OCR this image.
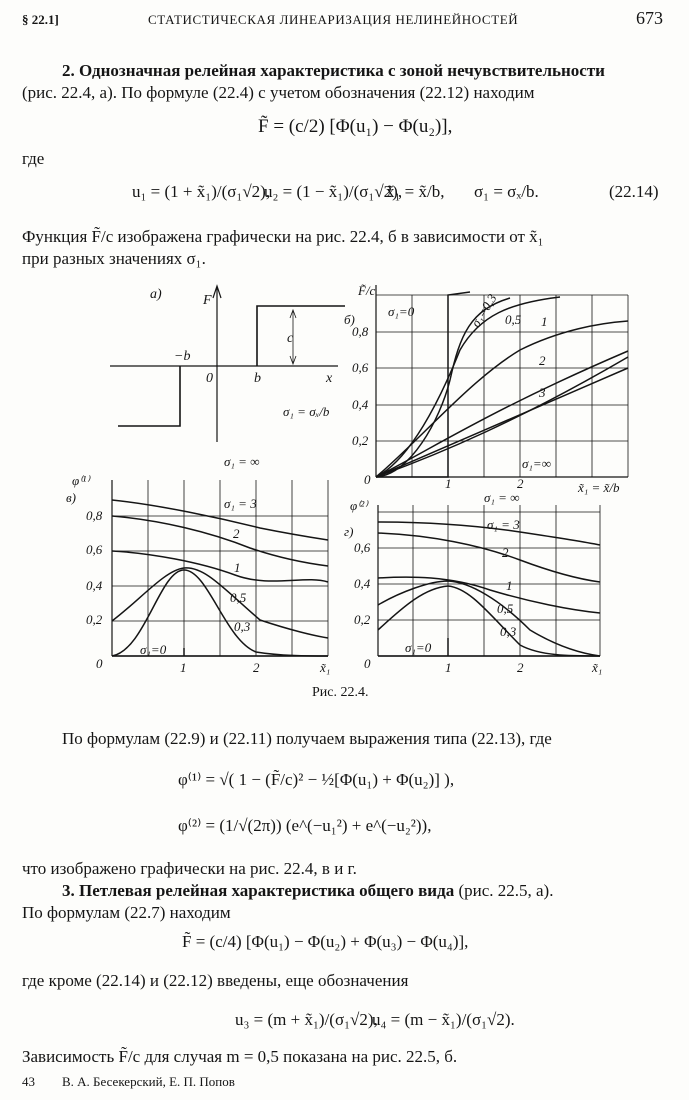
§ 22.1]	СТАТИСТИЧЕСКАЯ ЛИНЕАРИЗАЦИЯ НЕЛИНЕЙНОСТЕЙ	673
2. Однозначная релейная характеристика с зоной нечувствительности
(рис. 22.4, а). По формуле (22.4) с учетом обозначения (22.12) находим
F̃ = (c/2) [Φ(u₁) − Φ(u₂)],
где
u₁ = (1 + x̃₁)/(σ₁√2),
u₂ = (1 − x̃₁)/(σ₁√2),
x̃₁ = x̃/b, σ₁ = σₓ/b.	(22.14)
Функция F̃/c изображена графически на рис. 22.4, б в зависимости от x̃₁
при разных значениях σ₁.
а)	F
c
−b
0	b	x
σ₁ = σₓ/b
F̃/c
б)
0,8
0,6
0,4
0,2
0	1	2	x̃₁ = x̃/b
σ₁=0	σ₁=0,3 0,5 1
2
3
σ₁=∞
φ⁽¹⁾
в)
0,8
0,6
0,4
0,2
0	1	2	x̃₁
σ₁ = ∞
σ₁ = 3
2
1
0,5
0,3
σ₁=0
φ⁽²⁾
г)
0,6
0,4
0,2
0	1	2	x̃₁
σ₁ = ∞
σ₁ = 3
2
1
0,5
0,3
σ₁=0
Рис. 22.4.
По формулам (22.9) и (22.11) получаем выражения типа (22.13), где
φ⁽¹⁾ = √( 1 − (F̃/c)² − ½[Φ(u₁) + Φ(u₂)] ),
φ⁽²⁾ = (1/√(2π)) (e^(−u₁²) + e^(−u₂²)),
что изображено графически на рис. 22.4, в и г.
3. Петлевая релейная характеристика общего вида (рис. 22.5, а).
По формулам (22.7) находим
F̃ = (c/4) [Φ(u₁) − Φ(u₂) + Φ(u₃) − Φ(u₄)],
где кроме (22.14) и (22.12) введены, еще обозначения
u₃ = (m + x̃₁)/(σ₁√2),
u₄ = (m − x̃₁)/(σ₁√2).
Зависимость F̃/c для случая m = 0,5 показана на рис. 22.5, б.
43 В. А. Бесекерский, Е. П. Попов
